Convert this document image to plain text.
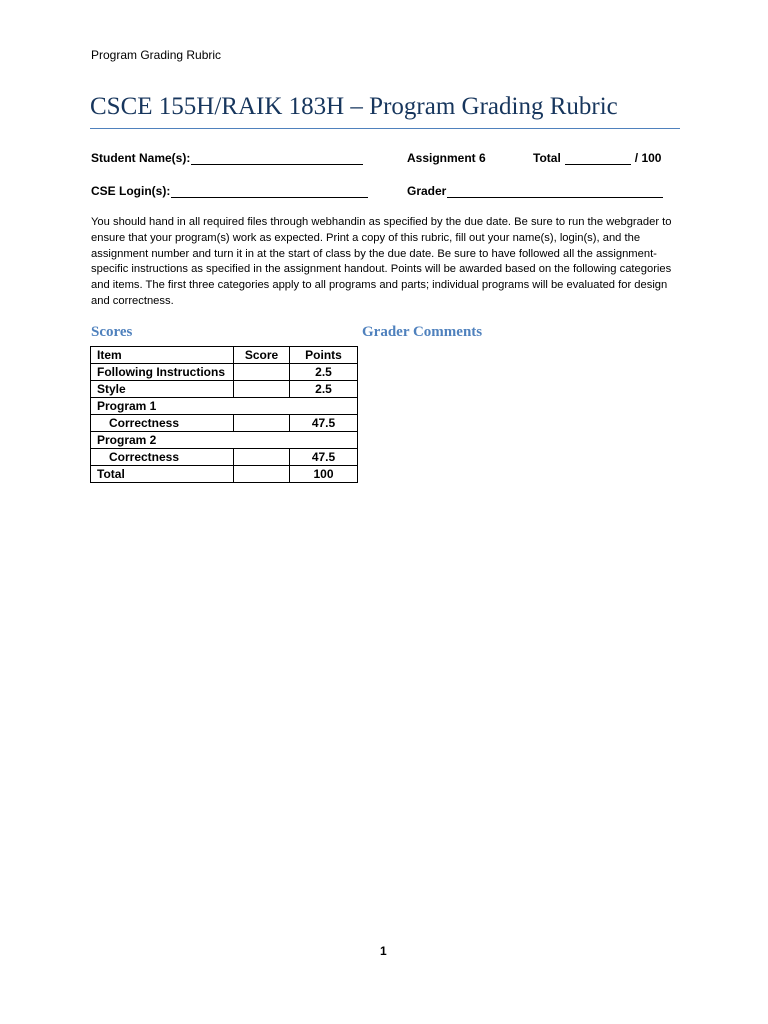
Program Grading Rubric
CSCE 155H/RAIK 183H – Program Grading Rubric
Student Name(s):	Assignment 6	Total	/ 100
CSE Login(s):	Grader

You should hand in all required files through webhandin as specified by the due date. Be sure to run the webgrader to ensure that your program(s) work as expected. Print a copy of this rubric, fill out your name(s), login(s), and the assignment number and turn it in at the start of class by the due date. Be sure to have followed all the assignment-specific instructions as specified in the assignment handout. Points will be awarded based on the following categories and items. The first three categories apply to all programs and parts; individual programs will be evaluated for design and correctness.

Scores	Grader Comments
Item	Score	Points
Following Instructions		2.5
Style		2.5
Program 1		
Correctness		47.5
Program 2		
Correctness		47.5
Total		100
1
